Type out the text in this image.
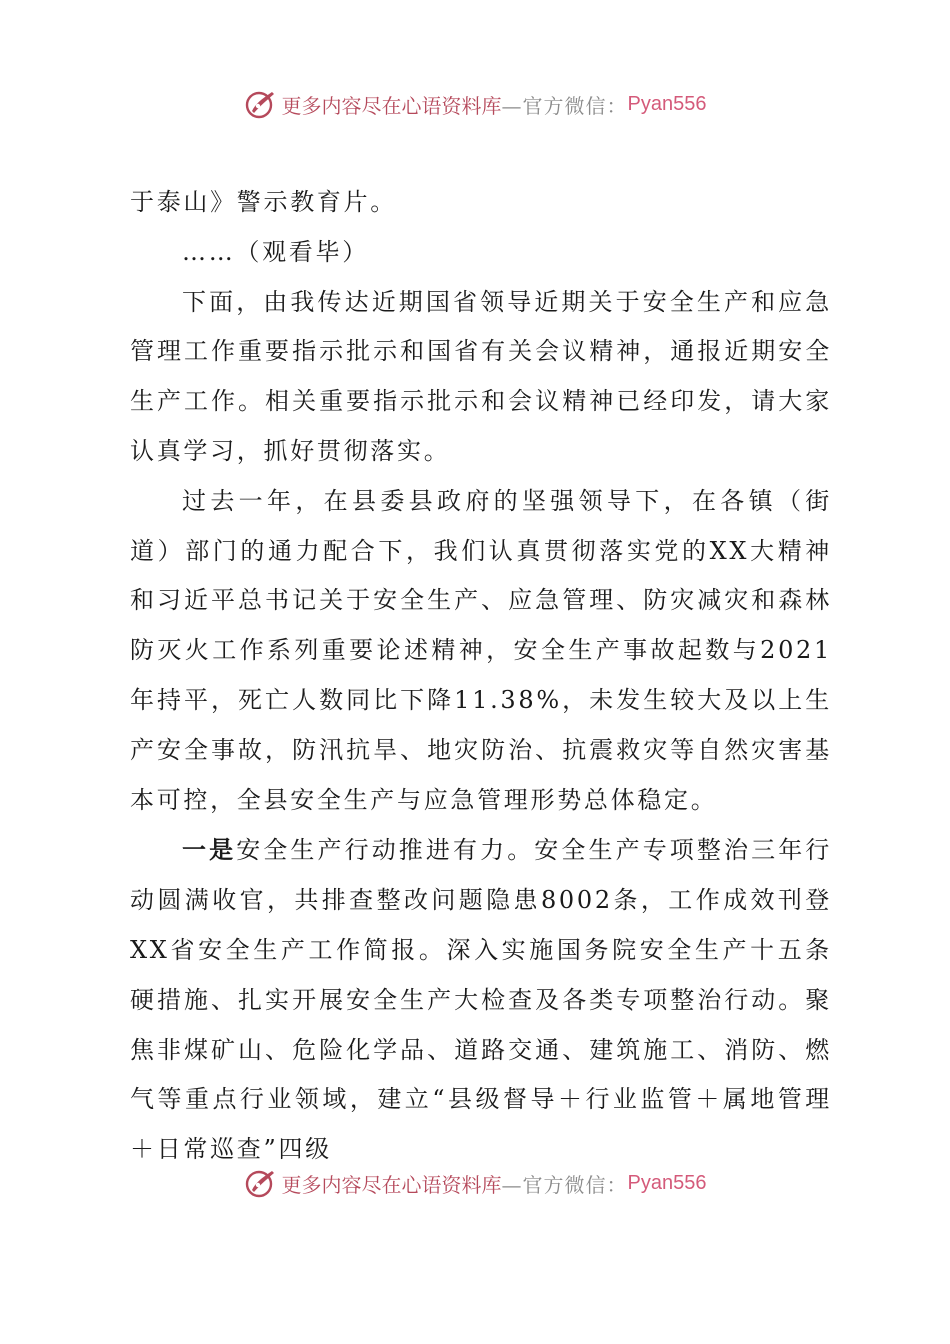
更多内容尽在心语资料库 —官方微信： Pyan556

于泰山》警示教育片。

……（观看毕）

下面，由我传达近期国省领导近期关于安全生产和应急管理工作重要指示批示和国省有关会议精神，通报近期安全生产工作。相关重要指示批示和会议精神已经印发，请大家认真学习，抓好贯彻落实。

过去一年，在县委县政府的坚强领导下，在各镇（街道）部门的通力配合下，我们认真贯彻落实党的XX大精神和习近平总书记关于安全生产、应急管理、防灾减灾和森林防灭火工作系列重要论述精神，安全生产事故起数与2021年持平，死亡人数同比下降11.38%，未发生较大及以上生产安全事故，防汛抗旱、地灾防治、抗震救灾等自然灾害基本可控，全县安全生产与应急管理形势总体稳定。

一是安全生产行动推进有力。安全生产专项整治三年行动圆满收官，共排查整改问题隐患8002条，工作成效刊登XX省安全生产工作简报。深入实施国务院安全生产十五条硬措施、扎实开展安全生产大检查及各类专项整治行动。聚焦非煤矿山、危险化学品、道路交通、建筑施工、消防、燃气等重点行业领域，建立“县级督导＋行业监管＋属地管理＋日常巡查”四级

更多内容尽在心语资料库 —官方微信： Pyan556
